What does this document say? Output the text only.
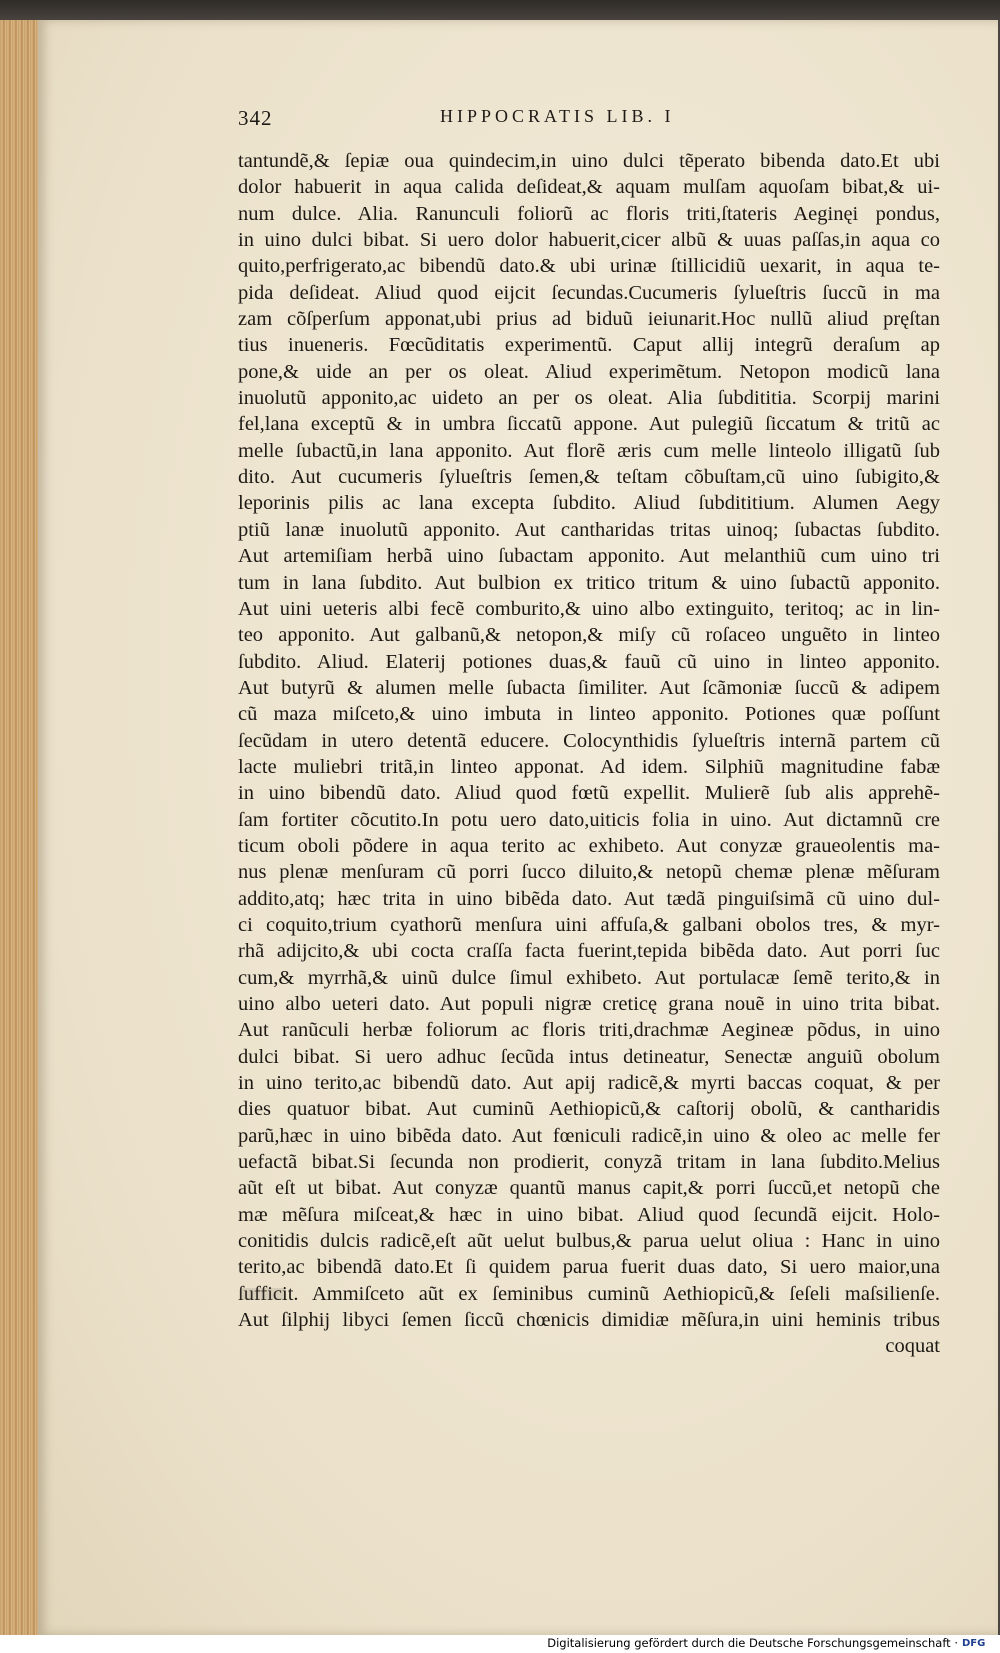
342	HIPPOCRATIS LIB. I
tantundẽ,& ſepiæ oua quindecim,in uino dulci tẽperato bibenda dato.Et ubi
dolor habuerit in aqua calida deſideat,& aquam mulſam aquoſam bibat,& ui-
num dulce. Alia. Ranunculi foliorũ ac floris triti,ſtateris Aeginęi pondus,
in uino dulci bibat. Si uero dolor habuerit,cicer albũ & uuas paſſas,in aqua co
quito,perfrigerato,ac bibendũ dato.& ubi urinæ ſtillicidiũ uexarit, in aqua te-
pida deſideat. Aliud quod eijcit ſecundas.Cucumeris ſylueſtris ſuccũ in ma
zam cõſperſum apponat,ubi prius ad biduũ ieiunarit.Hoc nullũ aliud pręſtan
tius inueneris. Fœcũditatis experimentũ. Caput allij integrũ deraſum ap
pone,& uide an per os oleat. Aliud experimẽtum. Netopon modicũ lana
inuolutũ apponito,ac uideto an per os oleat. Alia ſubdititia. Scorpij marini
fel,lana exceptũ & in umbra ſiccatũ appone. Aut pulegiũ ſiccatum & tritũ ac
melle ſubactũ,in lana apponito. Aut florẽ æris cum melle linteolo illigatũ ſub
dito. Aut cucumeris ſylueſtris ſemen,& teſtam cõbuſtam,cũ uino ſubigito,&
leporinis pilis ac lana excepta ſubdito. Aliud ſubdititium. Alumen Aegy
ptiũ lanæ inuolutũ apponito. Aut cantharidas tritas uinoq; ſubactas ſubdito.
Aut artemiſiam herbã uino ſubactam apponito. Aut melanthiũ cum uino tri
tum in lana ſubdito. Aut bulbion ex tritico tritum & uino ſubactũ apponito.
Aut uini ueteris albi fecẽ comburito,& uino albo extinguito, teritoq; ac in lin-
teo apponito. Aut galbanũ,& netopon,& miſy cũ roſaceo unguẽto in linteo
ſubdito. Aliud. Elaterij potiones duas,& fauũ cũ uino in linteo apponito.
Aut butyrũ & alumen melle ſubacta ſimiliter. Aut ſcãmoniæ ſuccũ & adipem
cũ maza miſceto,& uino imbuta in linteo apponito. Potiones quæ poſſunt
ſecũdam in utero detentã educere. Colocynthidis ſylueſtris internã partem cũ
lacte muliebri tritã,in linteo apponat. Ad idem. Silphiũ magnitudine fabæ
in uino bibendũ dato. Aliud quod fœtũ expellit. Mulierẽ ſub alis apprehẽ-
ſam fortiter cõcutito.In potu uero dato,uiticis folia in uino. Aut dictamnũ cre
ticum oboli põdere in aqua terito ac exhibeto. Aut conyzæ graueolentis ma-
nus plenæ menſuram cũ porri ſucco diluito,& netopũ chemæ plenæ mẽſuram
addito,atq; hæc trita in uino bibẽda dato. Aut tædã pinguiſsimã cũ uino dul-
ci coquito,trium cyathorũ menſura uini affuſa,& galbani obolos tres, & myr-
rhã adijcito,& ubi cocta craſſa facta fuerint,tepida bibẽda dato. Aut porri ſuc
cum,& myrrhã,& uinũ dulce ſimul exhibeto. Aut portulacæ ſemẽ terito,& in
uino albo ueteri dato. Aut populi nigræ creticę grana nouẽ in uino trita bibat.
Aut ranũculi herbæ foliorum ac floris triti,drachmæ Aegineæ põdus, in uino
dulci bibat. Si uero adhuc ſecũda intus detineatur, Senectæ anguiũ obolum
in uino terito,ac bibendũ dato. Aut apij radicẽ,& myrti baccas coquat, & per
dies quatuor bibat. Aut cuminũ Aethiopicũ,& caſtorij obolũ, & cantharidis
parũ,hæc in uino bibẽda dato. Aut fœniculi radicẽ,in uino & oleo ac melle fer
uefactã bibat.Si ſecunda non prodierit, conyzã tritam in lana ſubdito.Melius
aũt eſt ut bibat. Aut conyzæ quantũ manus capit,& porri ſuccũ,et netopũ che
mæ mẽſura miſceat,& hæc in uino bibat. Aliud quod ſecundã eijcit. Holo-
conitidis dulcis radicẽ,eſt aũt uelut bulbus,& parua uelut oliua : Hanc in uino
terito,ac bibendã dato.Et ſi quidem parua fuerit duas dato, Si uero maior,una
ſufficit. Ammiſceto aũt ex ſeminibus cuminũ Aethiopicũ,& ſeſeli maſsilienſe.
Aut ſilphij libyci ſemen ſiccũ chœnicis dimidiæ mẽſura,in uini heminis tribus
coquat
Digitalisierung gefördert durch die Deutsche Forschungsgemeinschaft · DFG
